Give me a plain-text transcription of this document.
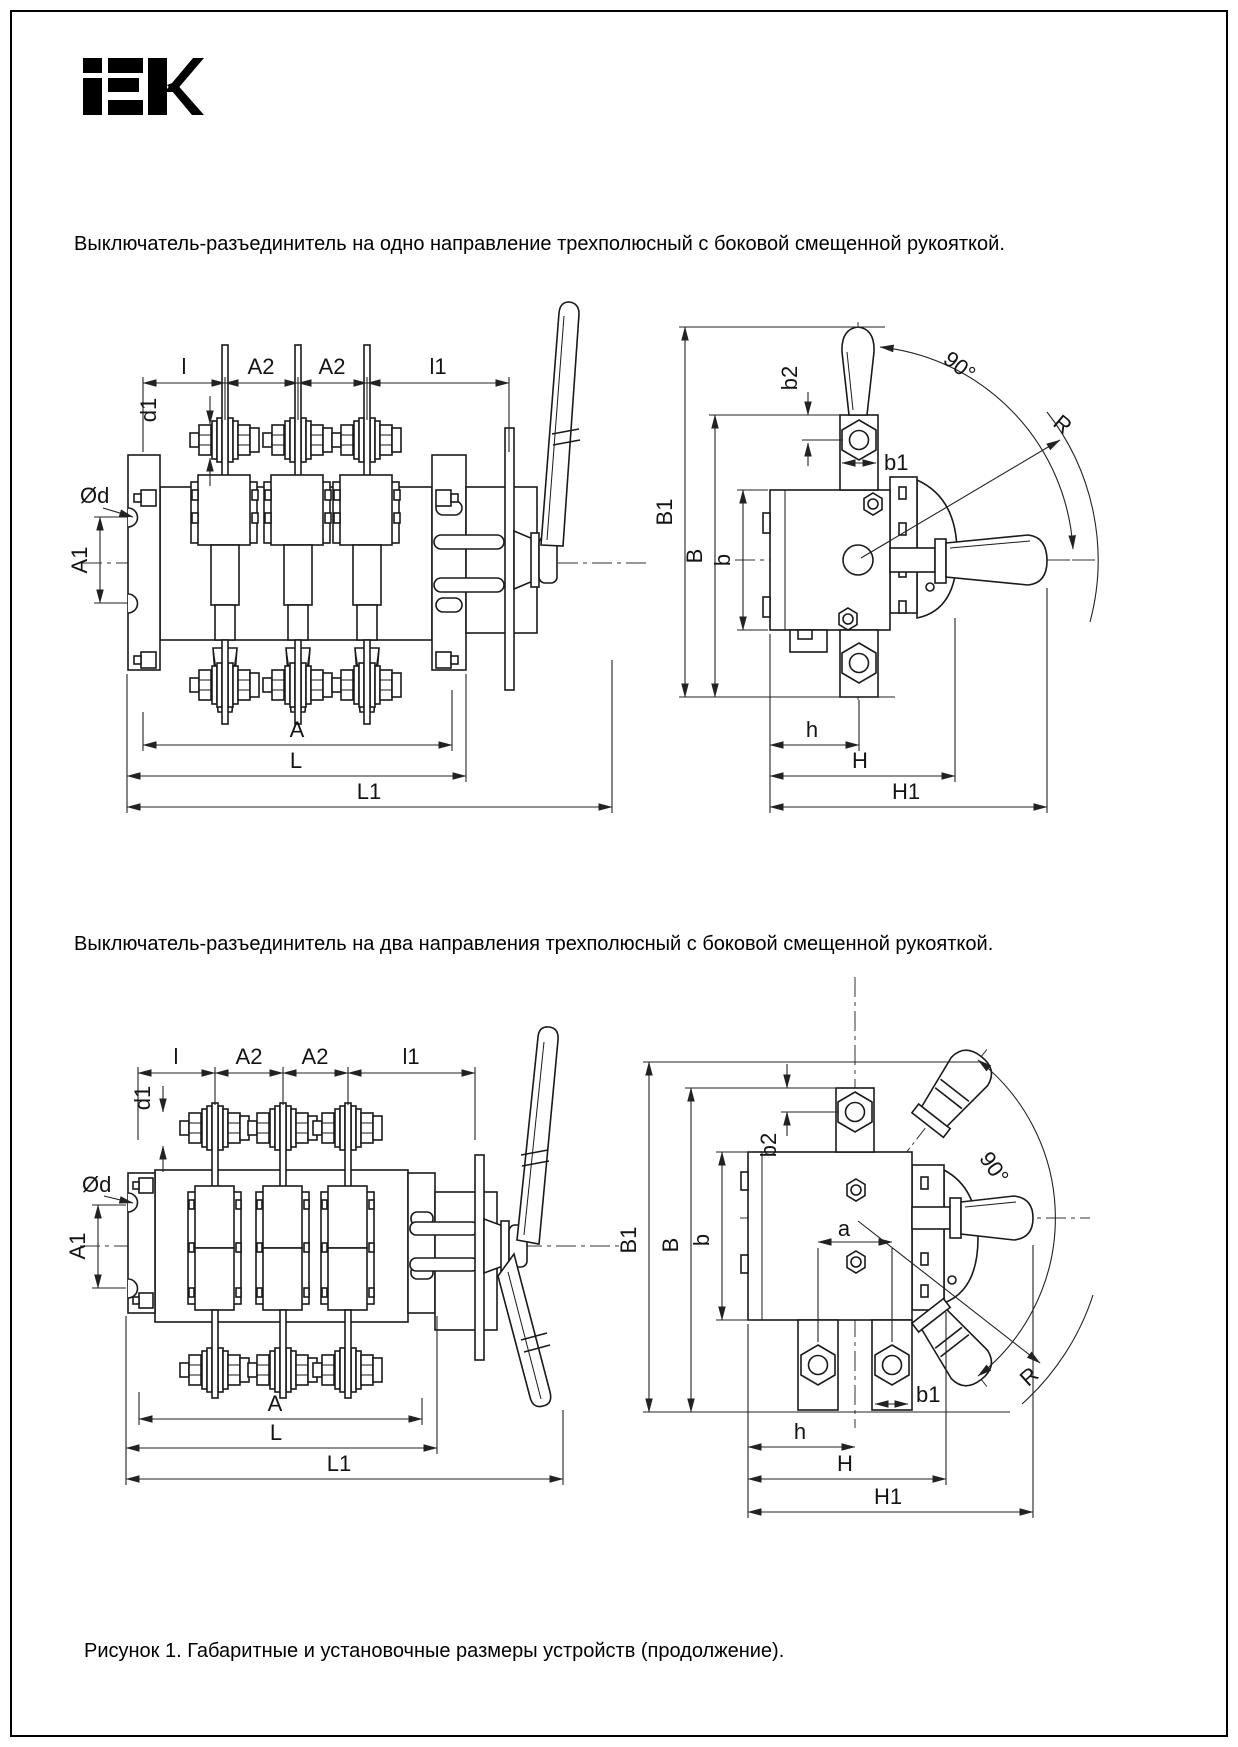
Выключатель-разъединитель на одно направление трехполюсный с боковой смещенной рукояткой.
Выключатель-разъединитель на два направления трехполюсный с боковой смещенной рукояткой.
l	A2 A2	l1
d1
Ød
A1
A
L
L1
B1
B b
b2
b1
90°
R
h
H
H1
l	A2 A2	l1
d1
Ød
A1
A
L
L1
B1 B b
b2
a
b1
90°
R
h
H
H1
Рисунок 1. Габаритные и установочные размеры устройств (продолжение).
